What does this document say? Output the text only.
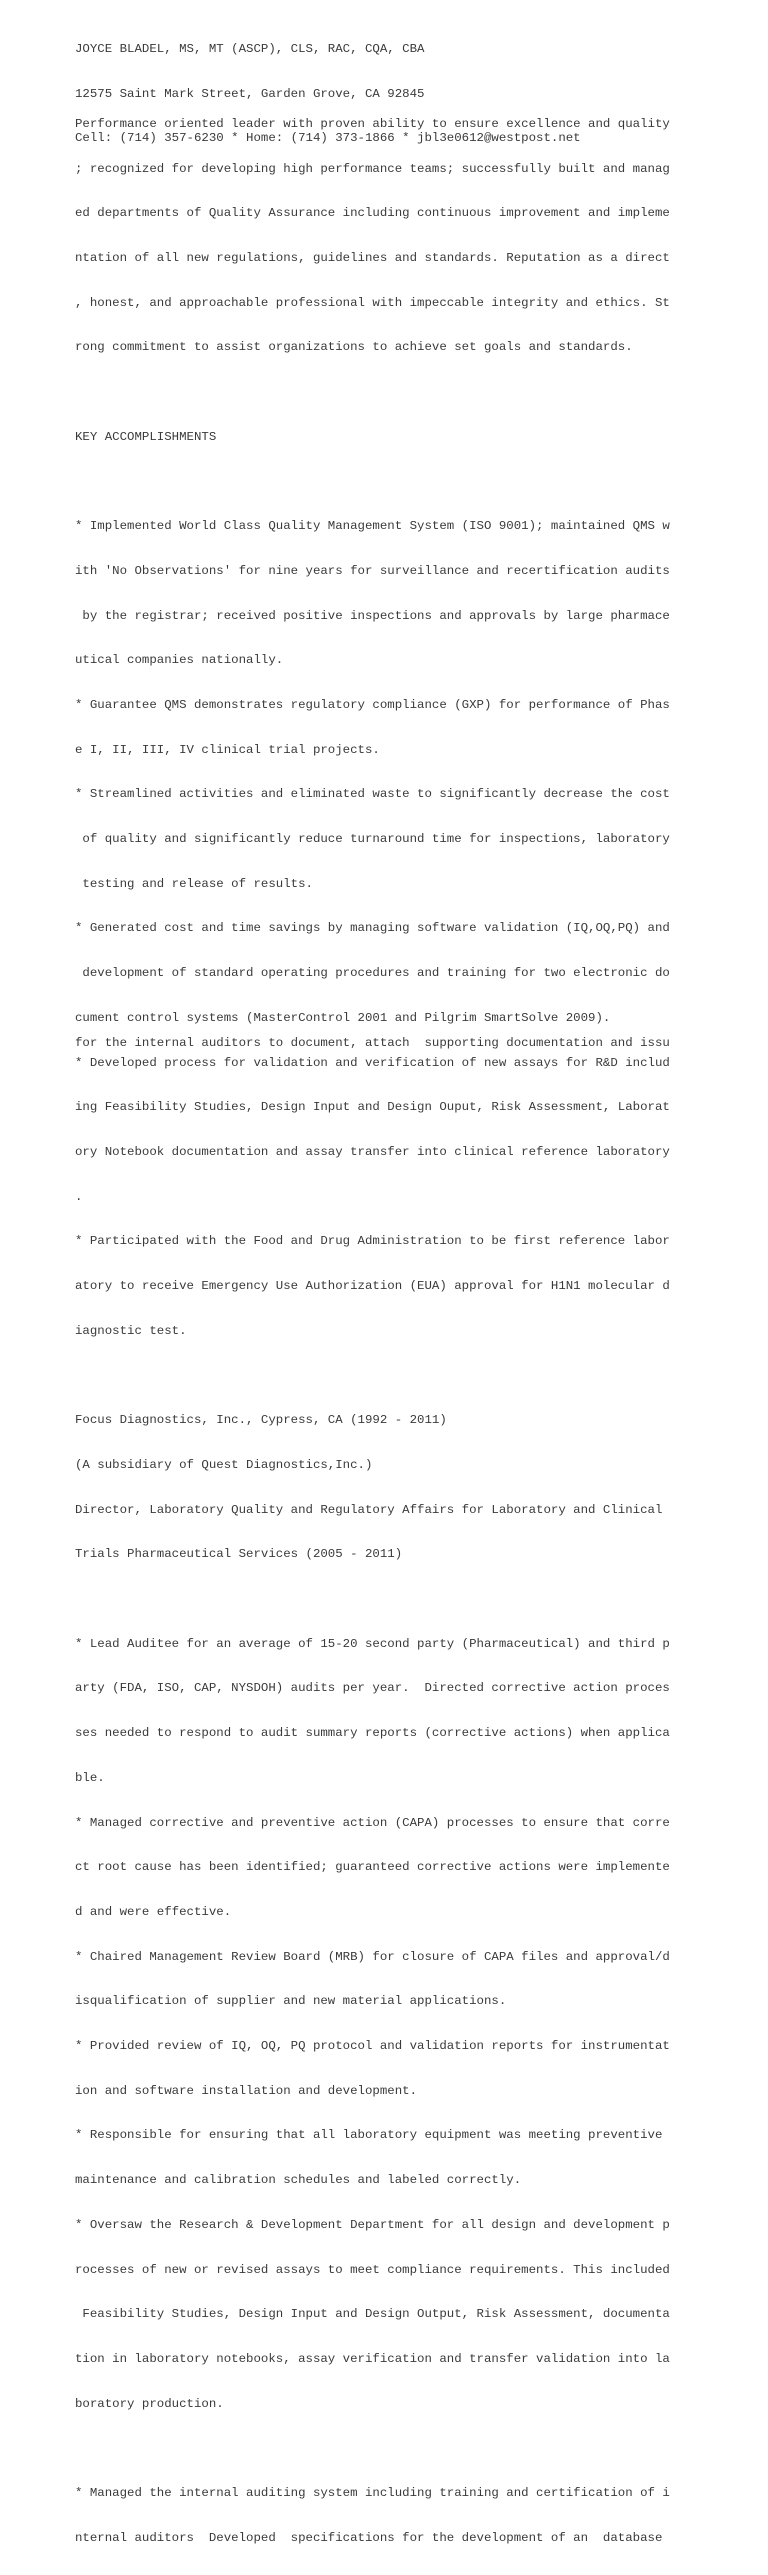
JOYCE BLADEL, MS, MT (ASCP), CLS, RAC, CQA, CBA

12575 Saint Mark Street, Garden Grove, CA 92845

Cell: (714) 357-6230 * Home: (714) 373-1866 * jbl3e0612@westpost.net

Performance oriented leader with proven ability to ensure excellence and quality

; recognized for developing high performance teams; successfully built and manag

ed departments of Quality Assurance including continuous improvement and impleme

ntation of all new regulations, guidelines and standards. Reputation as a direct

, honest, and approachable professional with impeccable integrity and ethics. St

rong commitment to assist organizations to achieve set goals and standards.

KEY ACCOMPLISHMENTS

* Implemented World Class Quality Management System (ISO 9001); maintained QMS w

ith 'No Observations' for nine years for surveillance and recertification audits

by the registrar; received positive inspections and approvals by large pharmace

utical companies nationally.

* Guarantee QMS demonstrates regulatory compliance (GXP) for performance of Phas

e I, II, III, IV clinical trial projects.

* Streamlined activities and eliminated waste to significantly decrease the cost

of quality and significantly reduce turnaround time for inspections, laboratory

testing and release of results.

* Generated cost and time savings by managing software validation (IQ,OQ,PQ) and

development of standard operating procedures and training for two electronic do

cument control systems (MasterControl 2001 and Pilgrim SmartSolve 2009).

* Developed process for validation and verification of new assays for R&D includ

ing Feasibility Studies, Design Input and Design Ouput, Risk Assessment, Laborat

ory Notebook documentation and assay transfer into clinical reference laboratory

.

* Participated with the Food and Drug Administration to be first reference labor

atory to receive Emergency Use Authorization (EUA) approval for H1N1 molecular d

iagnostic test.

Focus Diagnostics, Inc., Cypress, CA (1992 - 2011)

(A subsidiary of Quest Diagnostics,Inc.)

Director, Laboratory Quality and Regulatory Affairs for Laboratory and Clinical

Trials Pharmaceutical Services (2005 - 2011)

* Lead Auditee for an average of 15-20 second party (Pharmaceutical) and third p

arty (FDA, ISO, CAP, NYSDOH) audits per year.  Directed corrective action proces

ses needed to respond to audit summary reports (corrective actions) when applica

ble.

* Managed corrective and preventive action (CAPA) processes to ensure that corre

ct root cause has been identified; guaranteed corrective actions were implemente

d and were effective.

* Chaired Management Review Board (MRB) for closure of CAPA files and approval/d

isqualification of supplier and new material applications.

* Provided review of IQ, OQ, PQ protocol and validation reports for instrumentat

ion and software installation and development.

* Responsible for ensuring that all laboratory equipment was meeting preventive

maintenance and calibration schedules and labeled correctly.

* Oversaw the Research & Development Department for all design and development p

rocesses of new or revised assays to meet compliance requirements. This included

Feasibility Studies, Design Input and Design Output, Risk Assessment, documenta

tion in laboratory notebooks, assay verification and transfer validation into la

boratory production.

* Managed the internal auditing system including training and certification of i

nternal auditors  Developed  specifications for the development of an  database

for the internal auditors to document, attach  supporting documentation and issu
